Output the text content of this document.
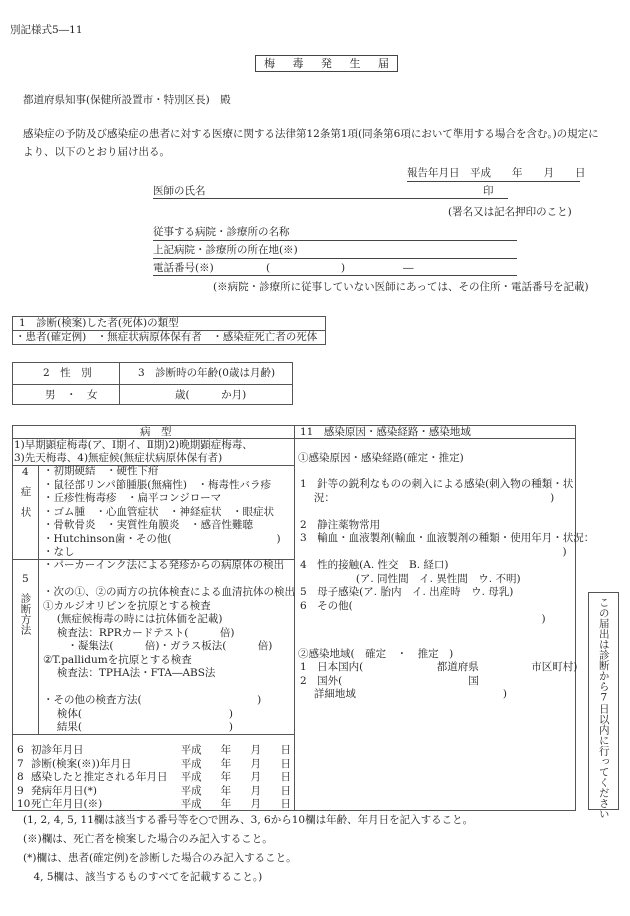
別記様式5―11
梅 毒 発 生 届
都道府県知事(保健所設置市・特別区長)　殿
感染症の予防及び感染症の患者に対する医療に関する法律第12条第1項(同条第6項において準用する場合を含む。)の規定に
より、以下のとおり届け出る。
報告年月日　平成　　年　　月　　日
医師の氏名	印
(署名又は記名押印のこと)
従事する病院・診療所の名称
上記病院・診療所の所在地(※)
電話番号(※)	(	)	―
(※病院・診療所に従事していない医師にあっては、その住所・電話番号を記載)
1　診断(検案)した者(死体)の類型
・患者(確定例)　・無症状病原体保有者　・感染症死亡者の死体
2　性　別
男　・　女
3　診断時の年齢(0歳は月齢)
歳(　　　か月)
病　型
1)早期顕症梅毒(ア、Ⅰ期イ、Ⅱ期)2)晩期顕症梅毒、
3)先天梅毒、4)無症候(無症状病原体保有者)
4
症状
・初期硬結　・硬性下疳
・鼠径部リンパ節腫脹(無痛性)　・梅毒性バラ疹
・丘疹性梅毒疹　・扁平コンジローマ
・ゴム腫　・心血管症状　・神経症状　・眼症状
・骨軟骨炎　・実質性角膜炎　・感音性難聴
・Hutchinson歯・その他(　　　　　　　　　　)
・なし
5
診断方法
・パーカーインク法による発疹からの病原体の検出
・次の①、②の両方の抗体検査による血清抗体の検出
①カルジオリピンを抗原とする検査
　 (無症候梅毒の時には抗体価を記載)
　 検査法：RPRカードテスト(　　　倍)
　　 ・凝集法(　　　倍)・ガラス板法(　　　倍)
②T.pallidumを抗原とする検査
　 検査法：TPHA法・FTA―ABS法
・その他の検査方法(　　　　　　　　　　　)
　 検体(　　　　　　　　　　　　　　)
　 結果(　　　　　　　　　　　　　　)
6 初診年月日	平成	年	月	日
7 診断(検案(※))年月日	平成	年	月	日
8 感染したと推定される年月日	平成	年	月	日
9 発病年月日(*)	平成	年	月	日
10 死亡年月日(※)	平成	年	月	日
11　感染原因・感染経路・感染地域
①感染原因・感染経路(確定・推定)
1　針等の鋭利なものの刺入による感染(刺入物の種類・状
　 況：　　　　　　　　　　　　　　　　　　　　　)
2　静注薬物常用
3　輸血・血液製剤(輸血・血液製剤の種類・使用年月・状況：
　　　　　　　　　　　　　　　　　　　　　　　　　)
4　性的接触(A. 性交　B. 経口)
　　　　　 (ア. 同性間　イ. 異性間　ウ. 不明)
5　母子感染(ア. 胎内　イ. 出産時　ウ. 母乳)
6　その他(
　　　　　　　　　　　　　　　　　　　　　　　)
②感染地域(　確定　・　推定　)
1　日本国内(　　　　　　　都道府県　　　　　市区町村)
2　国外(　　　　　　　　　　　　国
　 詳細地域　　　　　　　　　　　　　　)	この届出は診断から7日以内に行ってください
(1, 2, 4, 5, 11欄は該当する番号等を○で囲み、3, 6から10欄は年齢、年月日を記入すること。
(※)欄は、死亡者を検案した場合のみ記入すること。
(*)欄は、患者(確定例)を診断した場合のみ記入すること。
　4, 5欄は、該当するものすべてを記載すること。)
